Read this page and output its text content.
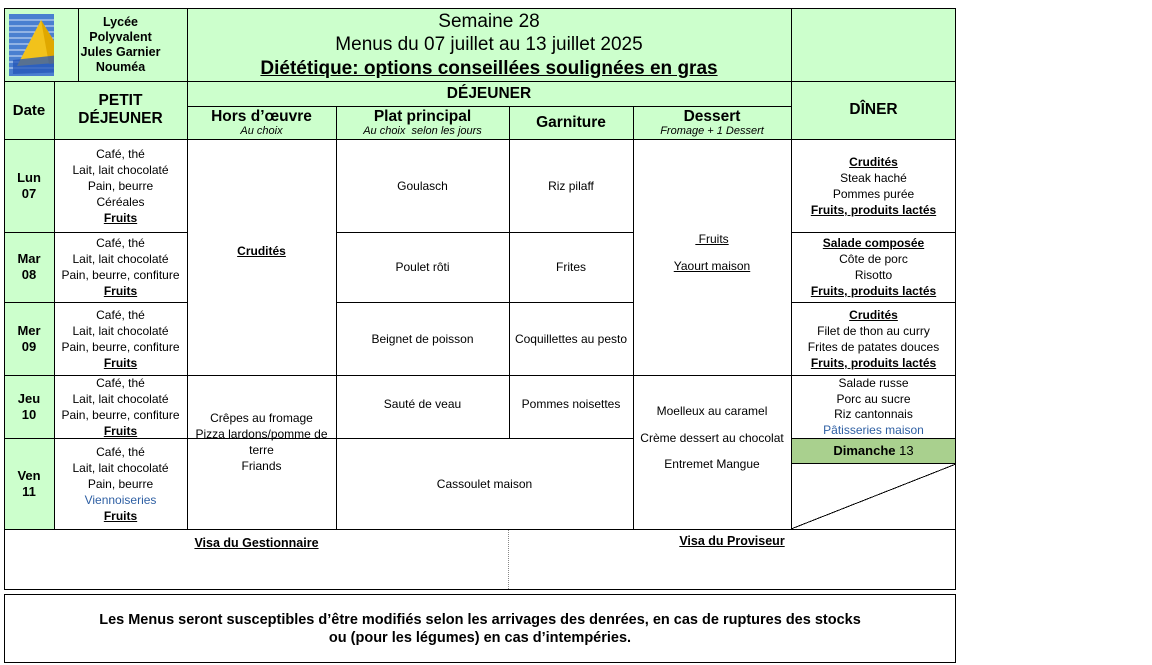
Lycée
Polyvalent
Jules Garnier
Nouméa
Semaine 28
Menus du 07 juillet au 13 juillet 2025
Diététique: options conseillées soulignées en gras
Date
PETIT DÉJEUNER
DÉJEUNER
Hors d’œuvre
Au choix
Plat principal
Au choix  selon les jours
Garniture	Dessert
Fromage + 1 Dessert
DÎNER
Lun
07
Mar
08
Mer
09
Jeu
10
Ven
11
Café, thé
Lait, lait chocolaté
Pain, beurre
Céréales
Fruits
Café, thé
Lait, lait chocolaté
Pain, beurre, confiture
Fruits
Café, thé
Lait, lait chocolaté
Pain, beurre, confiture
Fruits
Café, thé
Lait, lait chocolaté
Pain, beurre, confiture
Fruits
Café, thé
Lait, lait chocolaté
Pain, beurre
Viennoiseries
Fruits
Crudités
Crêpes au fromage
Pizza lardons/pomme de terre
Friands
Goulasch
Poulet rôti
Beignet de poisson
Sauté de veau
Cassoulet maison
Riz pilaff
Frites
Coquillettes au pesto
Pommes noisettes
Fruits
Yaourt maison
Moelleux au caramel
Crème dessert au chocolat
Entremet Mangue
Crudités
Steak haché
Pommes purée
Fruits, produits lactés
Salade composée
Côte de porc
Risotto
Fruits, produits lactés
Crudités
Filet de thon au curry
Frites de patates douces
Fruits, produits lactés
Salade russe
Porc au sucre
Riz cantonnais
Pâtisseries maison
Dimanche
13
Visa du Gestionnaire	Visa du Proviseur
Les Menus seront susceptibles d’être modifiés selon les arrivages des denrées, en cas de ruptures des stocks
ou (pour les légumes) en cas d’intempéries.
